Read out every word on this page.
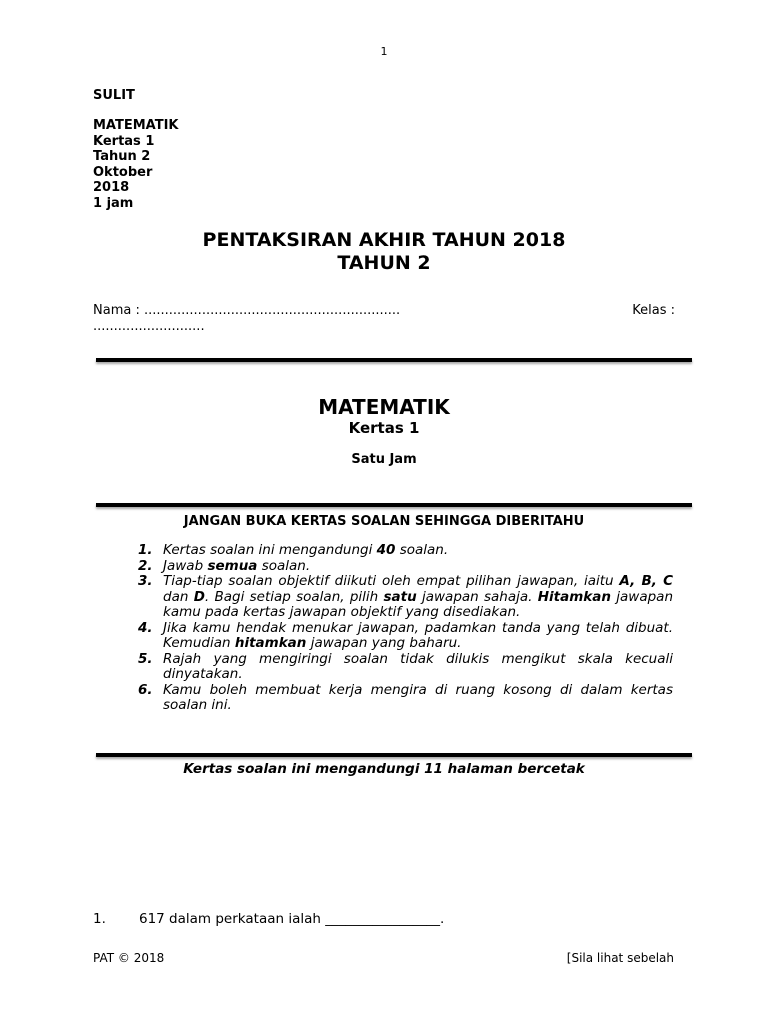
1
SULIT
MATEMATIK
Kertas 1
Tahun 2
Oktober
2018
1 jam
PENTAKSIRAN AKHIR TAHUN 2018
TAHUN 2
Nama : ..............................................................	Kelas :
...........................
MATEMATIK
Kertas 1
Satu Jam
JANGAN BUKA KERTAS SOALAN SEHINGGA DIBERITAHU
1. Kertas soalan ini mengandungi 40 soalan.
2. Jawab semua soalan.
3. Tiap-tiap soalan objektif diikuti oleh empat pilihan jawapan, iaitu A, B, C dan D. Bagi setiap soalan, pilih satu jawapan sahaja. Hitamkan jawapan kamu pada kertas jawapan objektif yang disediakan.
4. Jika kamu hendak menukar jawapan, padamkan tanda yang telah dibuat. Kemudian hitamkan jawapan yang baharu.
5. Rajah yang mengiringi soalan tidak dilukis mengikut skala kecuali dinyatakan.
6. Kamu boleh membuat kerja mengira di ruang kosong di dalam kertas soalan ini.
Kertas soalan ini mengandungi 11 halaman bercetak
1. 617 dalam perkataan ialah _________________.
PAT © 2018	[Sila lihat sebelah
